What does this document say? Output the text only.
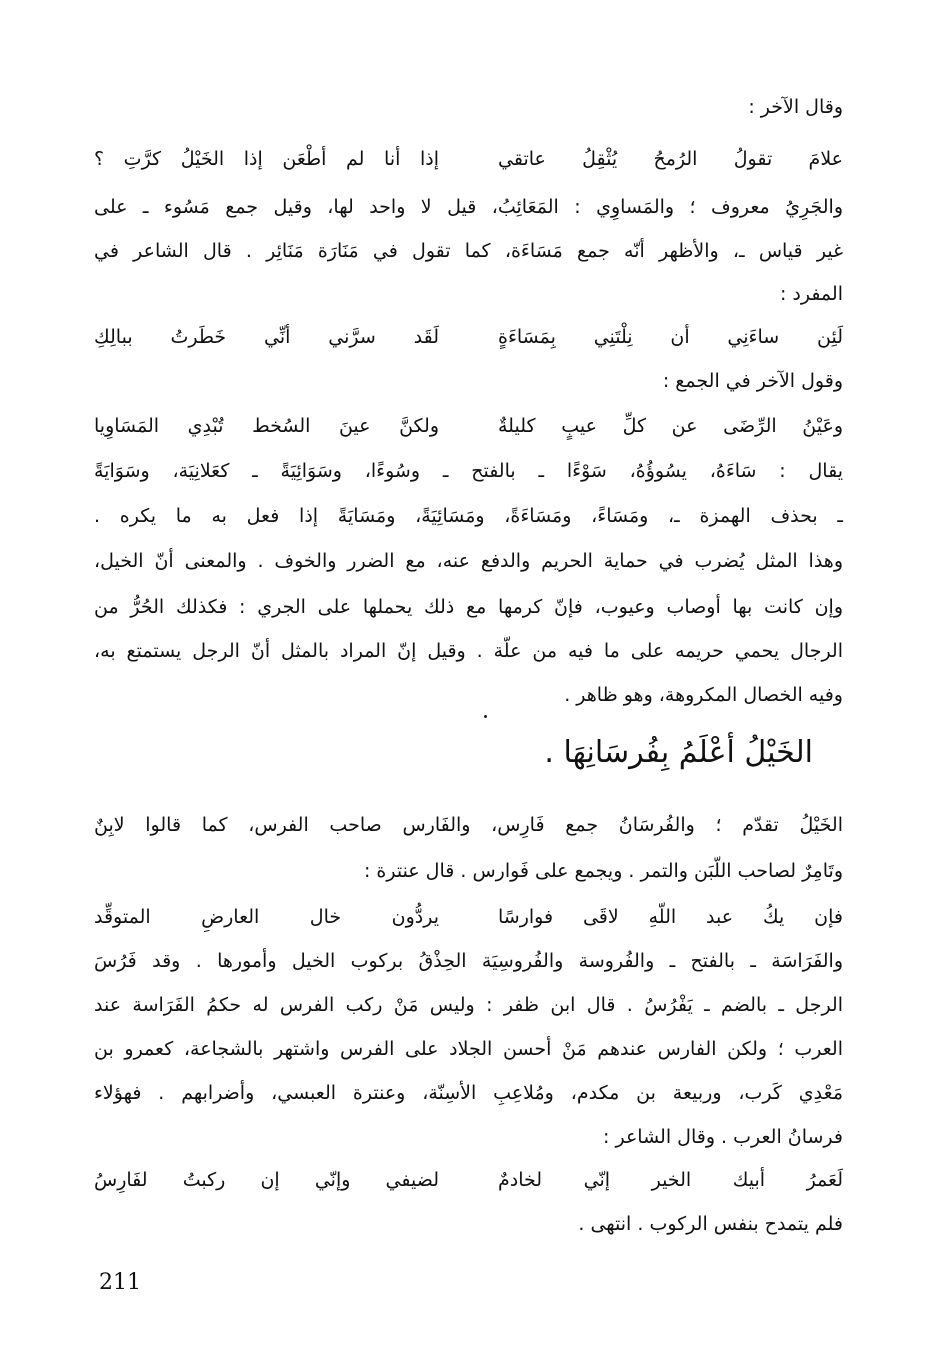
وقال الآخر :
علامَ تقولُ الرُمحُ يُثْقِلُ عاتقي
إذا أنا لم أطْعَن إذا الخَيْلُ كرَّتِ ؟
والجَرِيُ معروف ؛ والمَساوِي : المَعَائِبُ، قيل لا واحد لها، وقيل جمع مَسُوء ـ على
غير قياس ـ، والأظهر أنّه جمع مَسَاءَة، كما تقول في مَنَارَة مَنَائِر . قال الشاعر في
المفرد :
لَئِن ساءَنِي أن نِلْتَنِي بِمَسَاءَةٍ
لَقَد سرَّني أنِّي خَطَرتُ ببالِكِ
وقول الآخر في الجمع :
وعَيْنُ الرِّضَى عن كلِّ عيبٍ كليلةٌ
ولكنَّ عينَ السُخط تُبْدِي المَسَاوِيا
يقال : سَاءَهُ، يسُوؤُهُ، سَوْءًا ـ بالفتح ـ وسُوءًا، وسَوَائِيَةً ـ كعَلانِيَة، وسَوَايَةً
ـ بحذف الهمزة ـ، ومَسَاءً، ومَسَاءَةً، ومَسَائِيَةً، ومَسَايَةً إذا فعل به ما يكره .
وهذا المثل يُضرب في حماية الحريم والدفع عنه، مع الضرر والخوف . والمعنى أنّ الخيل،
وإن كانت بها أوصاب وعيوب، فإنّ كرمها مع ذلك يحملها على الجري : فكذلك الحُرُّ من
الرجال يحمي حريمه على ما فيه من علّة . وقيل إنّ المراد بالمثل أنّ الرجل يستمتع به،
وفيه الخصال المكروهة، وهو ظاهر .
الخَيْلُ أعْلَمُ بِفُرسَانِهَا .
الخَيْلُ تقدّم ؛ والفُرسَانُ جمع فَارِس، والفَارس صاحب الفرس، كما قالوا لابِنٌ
وتَامِرٌ لصاحب اللّبَن والتمر . ويجمع على فَوارس . قال عنترة :
فإن يكُ عبد اللّهِ لاقَى فوارسًا
يردُّون خال العارضِ المتوقِّد
والفَرَاسَة ـ بالفتح ـ والفُروسة والفُروسِيَة الحِذْقُ بركوب الخيل وأمورها . وقد فَرُسَ
الرجل ـ بالضم ـ يَفْرُسُ . قال ابن ظفر : وليس مَنْ ركب الفرس له حكمُ الفَرَاسة عند
العرب ؛ ولكن الفارس عندهم مَنْ أحسن الجلاد على الفرس واشتهر بالشجاعة، كعمرو بن
مَعْدِي كَرب، وربيعة بن مكدم، ومُلاعِبِ الأسِنّة، وعنترة العبسي، وأضرابهم . فهؤلاء
فرسانُ العرب . وقال الشاعر :
لَعَمرُ أبيك الخير إنّي لخادمٌ
لضيفي وإنّي إن ركبتُ لفَارِسُ
فلم يتمدح بنفس الركوب . انتهى .
211
